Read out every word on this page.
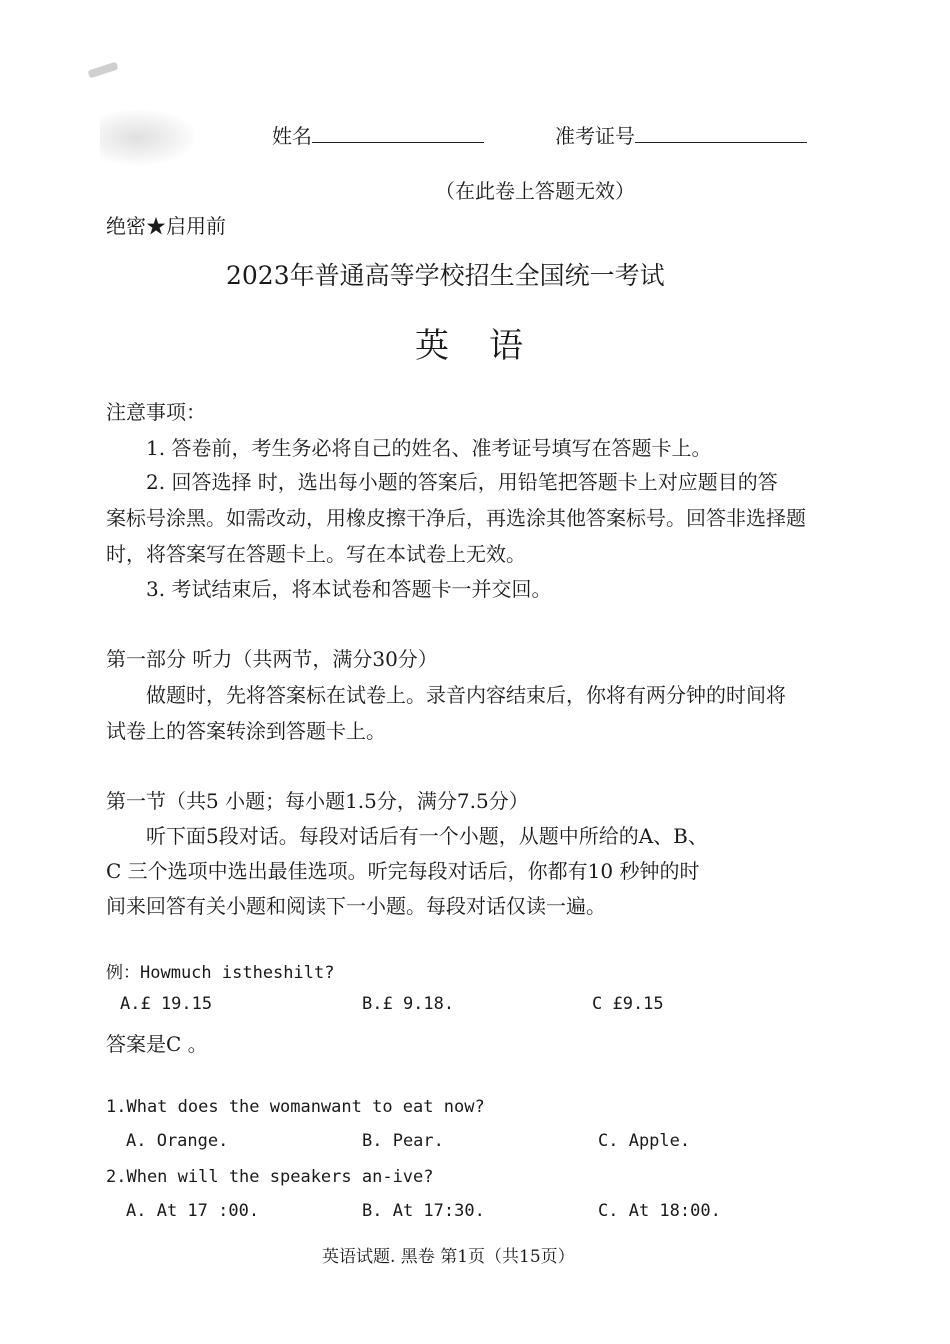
姓名	准考证号
（在此卷上答题无效）
绝密★启用前
2023年普通高等学校招生全国统一考试
英语
注意事项：
1. 答卷前，考生务必将自己的姓名、准考证号填写在答题卡上。
2. 回答选择 时，选出每小题的答案后，用铅笔把答题卡上对应题目的答
案标号涂黑。如需改动，用橡皮擦干净后，再选涂其他答案标号。回答非选择题
时，将答案写在答题卡上。写在本试卷上无效。
3. 考试结束后，将本试卷和答题卡一并交回。
第一部分 听力（共两节，满分30分）
做题时，先将答案标在试卷上。录音内容结束后，你将有两分钟的时间将
试卷上的答案转涂到答题卡上。
第一节（共5 小题；每小题1.5分，满分7.5分）
听下面5段对话。每段对话后有一个小题，从题中所给的A、B、
C 三个选项中选出最佳选项。听完每段对话后，你都有10 秒钟的时
间来回答有关小题和阅读下一小题。每段对话仅读一遍。
例：Howmuch istheshilt?
A.£ 19.15	B.£ 9.18.	C £9.15
答案是C 。
1.What does the womanwant to eat now?
A. Orange.	B. Pear.	C. Apple.
2.When will the speakers an-ive?
A. At 17 :00.	B. At 17:30.	C. At 18:00.
英语试题. 黑卷 第1页（共15页）
